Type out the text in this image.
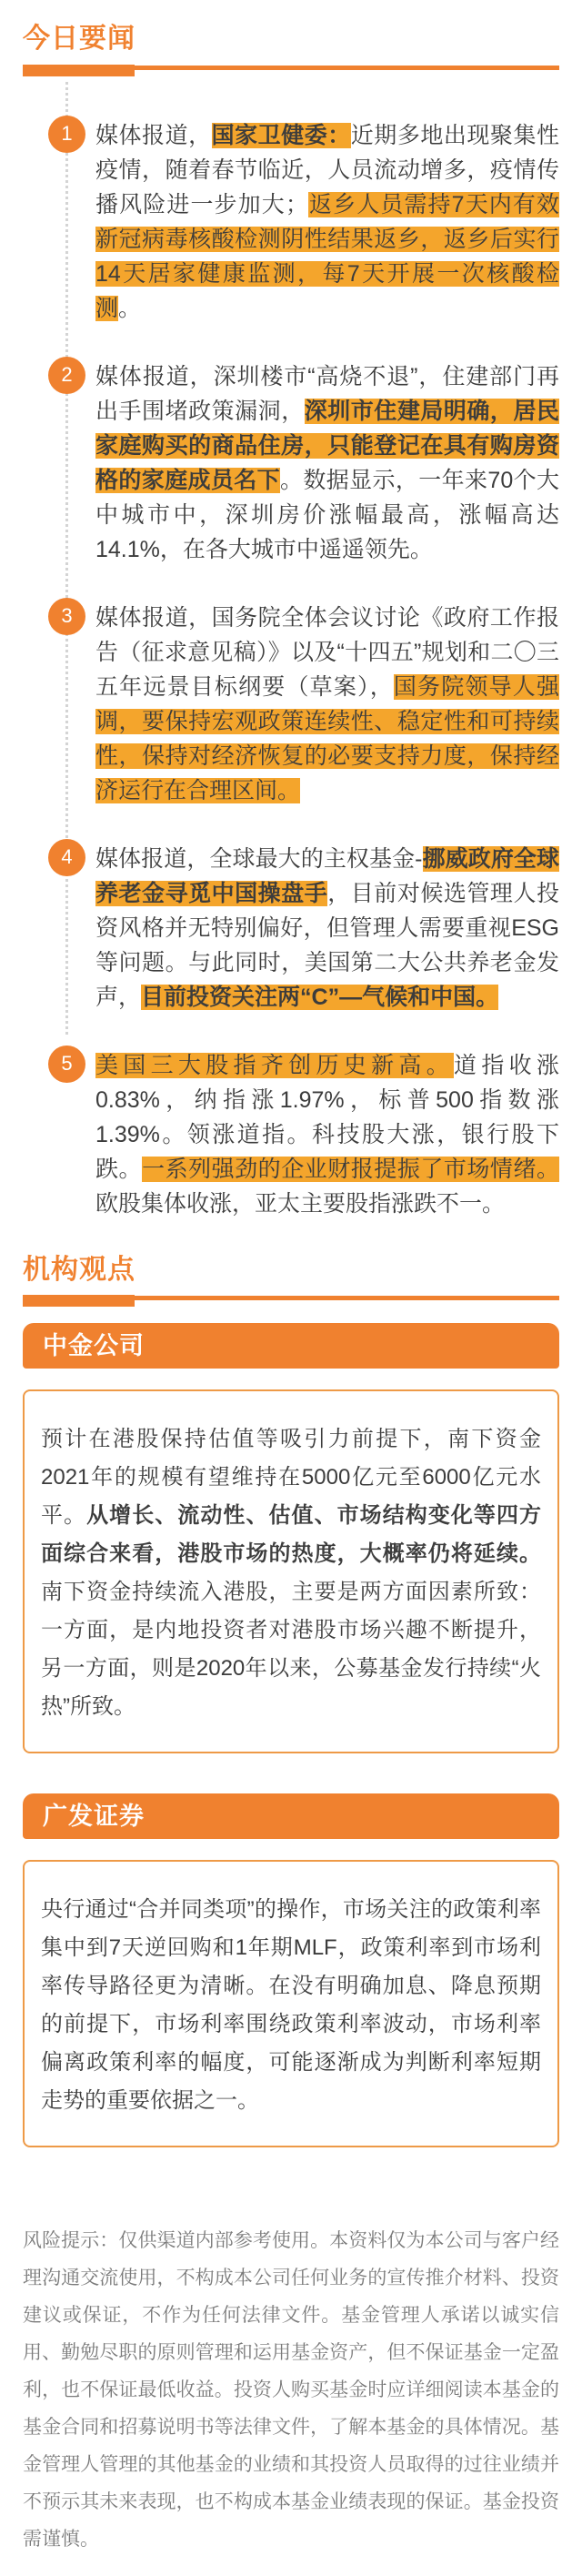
今日要闻
1	媒体报道，国家卫健委：近期多地出现聚集性疫情，随着春节临近，人员流动增多，疫情传播风险进一步加大；返乡人员需持7天内有效新冠病毒核酸检测阴性结果返乡，返乡后实行14天居家健康监测，每7天开展一次核酸检测。

2	媒体报道，深圳楼市“高烧不退”，住建部门再出手围堵政策漏洞，深圳市住建局明确，居民家庭购买的商品住房，只能登记在具有购房资格的家庭成员名下。数据显示，一年来70个大中城市中，深圳房价涨幅最高，涨幅高达14.1%，在各大城市中遥遥领先。

3	媒体报道，国务院全体会议讨论《政府工作报告（征求意见稿）》以及“十四五”规划和二〇三五年远景目标纲要（草案），国务院领导人强调，要保持宏观政策连续性、稳定性和可持续性，保持对经济恢复的必要支持力度，保持经济运行在合理区间。

4	媒体报道，全球最大的主权基金-挪威政府全球养老金寻觅中国操盘手，目前对候选管理人投资风格并无特别偏好，但管理人需要重视ESG等问题。与此同时，美国第二大公共养老金发声，目前投资关注两“C”—气候和中国。

5	美国三大股指齐创历史新高。道指收涨0.83%，纳指涨1.97%，标普500指数涨1.39%。领涨道指。科技股大涨，银行股下跌。一系列强劲的企业财报提振了市场情绪。欧股集体收涨，亚太主要股指涨跌不一。

机构观点
中金公司

预计在港股保持估值等吸引力前提下，南下资金2021年的规模有望维持在5000亿元至6000亿元水平。从增长、流动性、估值、市场结构变化等四方面综合来看，港股市场的热度，大概率仍将延续。南下资金持续流入港股，主要是两方面因素所致：一方面，是内地投资者对港股市场兴趣不断提升，另一方面，则是2020年以来，公募基金发行持续“火热”所致。

广发证券

央行通过“合并同类项”的操作，市场关注的政策利率集中到7天逆回购和1年期MLF，政策利率到市场利率传导路径更为清晰。在没有明确加息、降息预期的前提下，市场利率围绕政策利率波动，市场利率偏离政策利率的幅度，可能逐渐成为判断利率短期走势的重要依据之一。

风险提示：仅供渠道内部参考使用。本资料仅为本公司与客户经理沟通交流使用，不构成本公司任何业务的宣传推介材料、投资建议或保证，不作为任何法律文件。基金管理人承诺以诚实信用、勤勉尽职的原则管理和运用基金资产，但不保证基金一定盈利，也不保证最低收益。投资人购买基金时应详细阅读本基金的基金合同和招募说明书等法律文件，了解本基金的具体情况。基金管理人管理的其他基金的业绩和其投资人员取得的过往业绩并不预示其未来表现，也不构成本基金业绩表现的保证。基金投资需谨慎。
